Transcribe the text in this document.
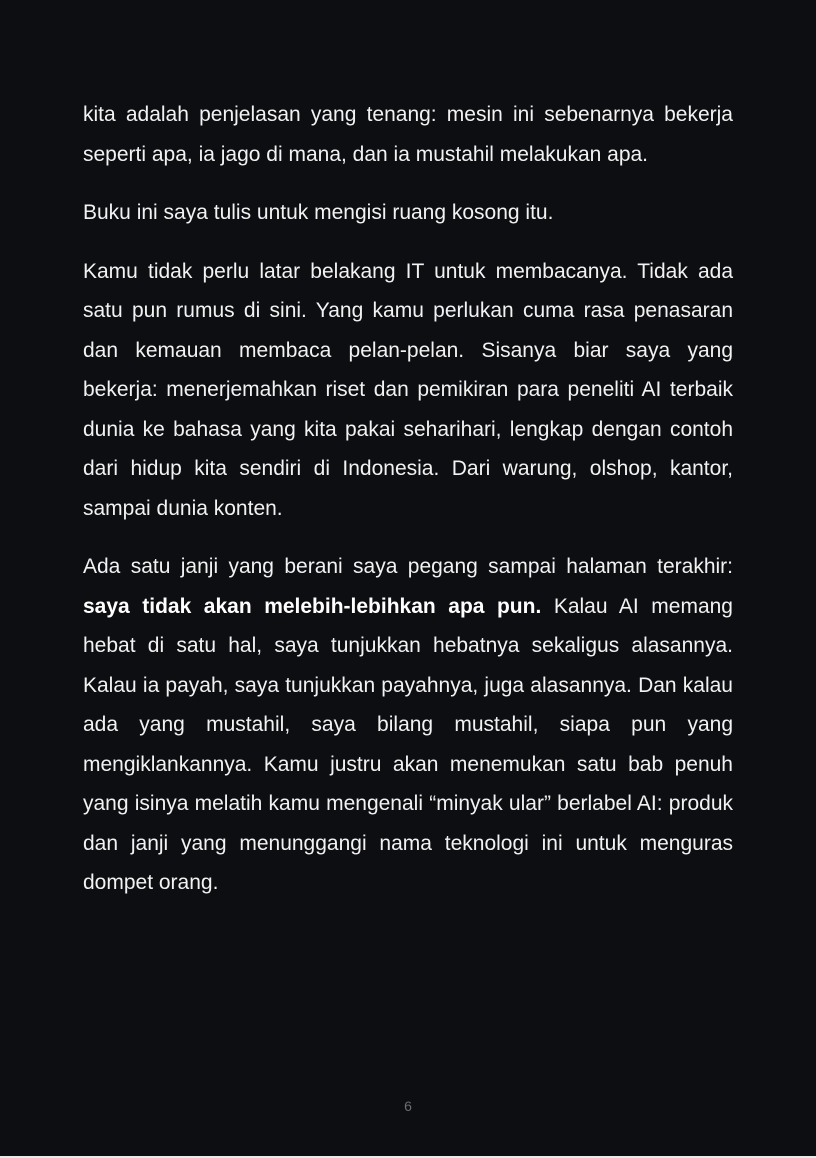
kita adalah penjelasan yang tenang: mesin ini sebenarnya bekerja seperti apa, ia jago di mana, dan ia mustahil melakukan apa.

Buku ini saya tulis untuk mengisi ruang kosong itu.

Kamu tidak perlu latar belakang IT untuk membacanya. Tidak ada satu pun rumus di sini. Yang kamu perlukan cuma rasa penasaran dan kemauan membaca pelan-pelan. Sisanya biar saya yang bekerja: menerjemahkan riset dan pemikiran para peneliti AI terbaik dunia ke bahasa yang kita pakai seharihari, lengkap dengan contoh dari hidup kita sendiri di Indonesia. Dari warung, olshop, kantor, sampai dunia konten.

Ada satu janji yang berani saya pegang sampai halaman terakhir: saya tidak akan melebih-lebihkan apa pun. Kalau AI memang hebat di satu hal, saya tunjukkan hebatnya sekaligus alasannya. Kalau ia payah, saya tunjukkan payahnya, juga alasannya. Dan kalau ada yang mustahil, saya bilang mustahil, siapa pun yang mengiklankannya. Kamu justru akan menemukan satu bab penuh yang isinya melatih kamu mengenali “minyak ular” berlabel AI: produk dan janji yang menunggangi nama teknologi ini untuk menguras dompet orang.

6
